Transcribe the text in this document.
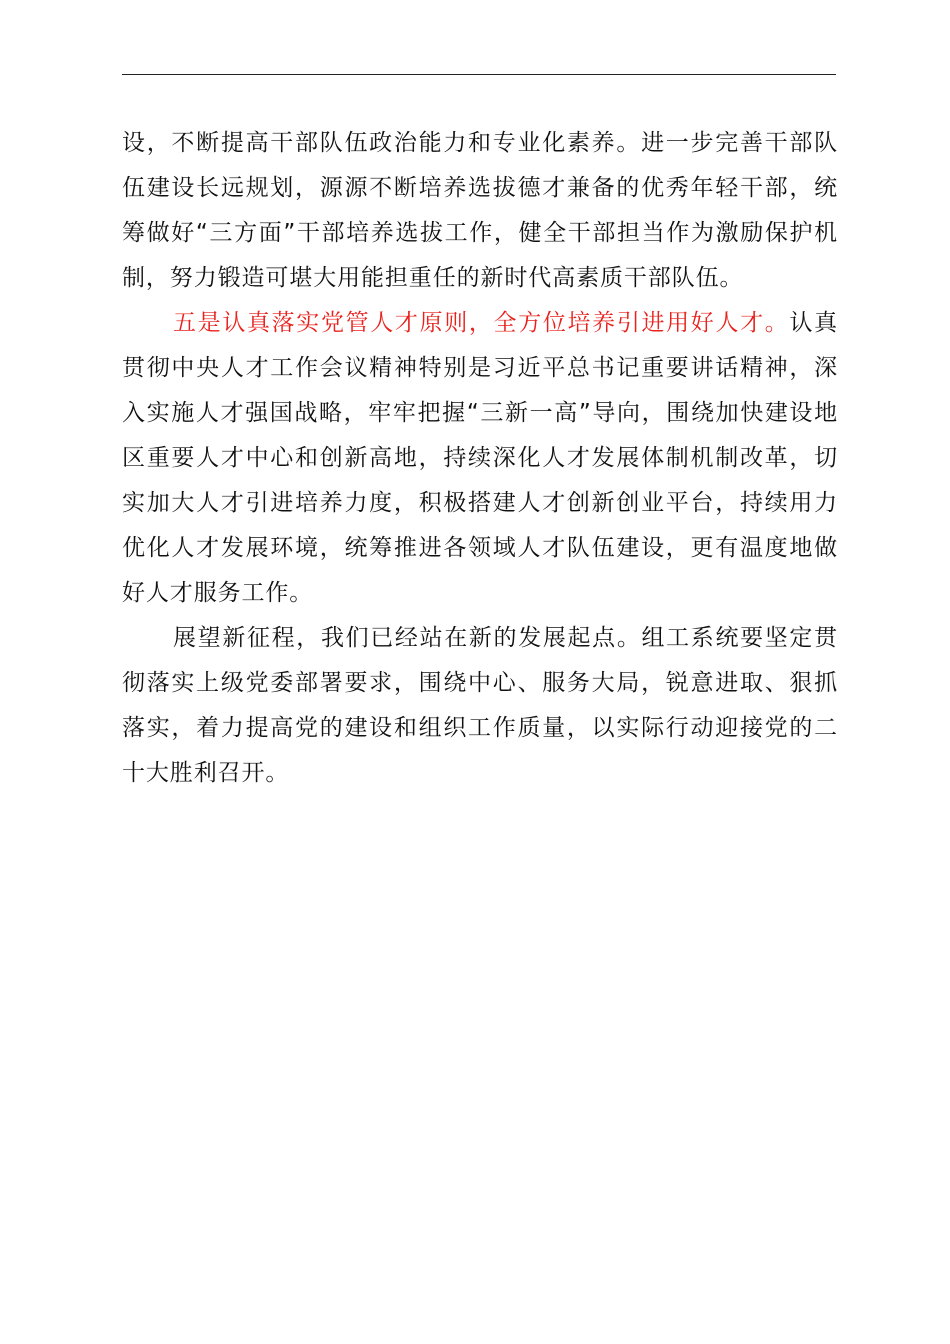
设，不断提高干部队伍政治能力和专业化素养。进一步完善干部队伍建设长远规划，源源不断培养选拔德才兼备的优秀年轻干部，统筹做好“三方面”干部培养选拔工作，健全干部担当作为激励保护机制，努力锻造可堪大用能担重任的新时代高素质干部队伍。

五是认真落实党管人才原则，全方位培养引进用好人才。认真贯彻中央人才工作会议精神特别是习近平总书记重要讲话精神，深入实施人才强国战略，牢牢把握“三新一高”导向，围绕加快建设地区重要人才中心和创新高地，持续深化人才发展体制机制改革，切实加大人才引进培养力度，积极搭建人才创新创业平台，持续用力优化人才发展环境，统筹推进各领域人才队伍建设，更有温度地做好人才服务工作。

展望新征程，我们已经站在新的发展起点。组工系统要坚定贯彻落实上级党委部署要求，围绕中心、服务大局，锐意进取、狠抓落实，着力提高党的建设和组织工作质量，以实际行动迎接党的二十大胜利召开。
